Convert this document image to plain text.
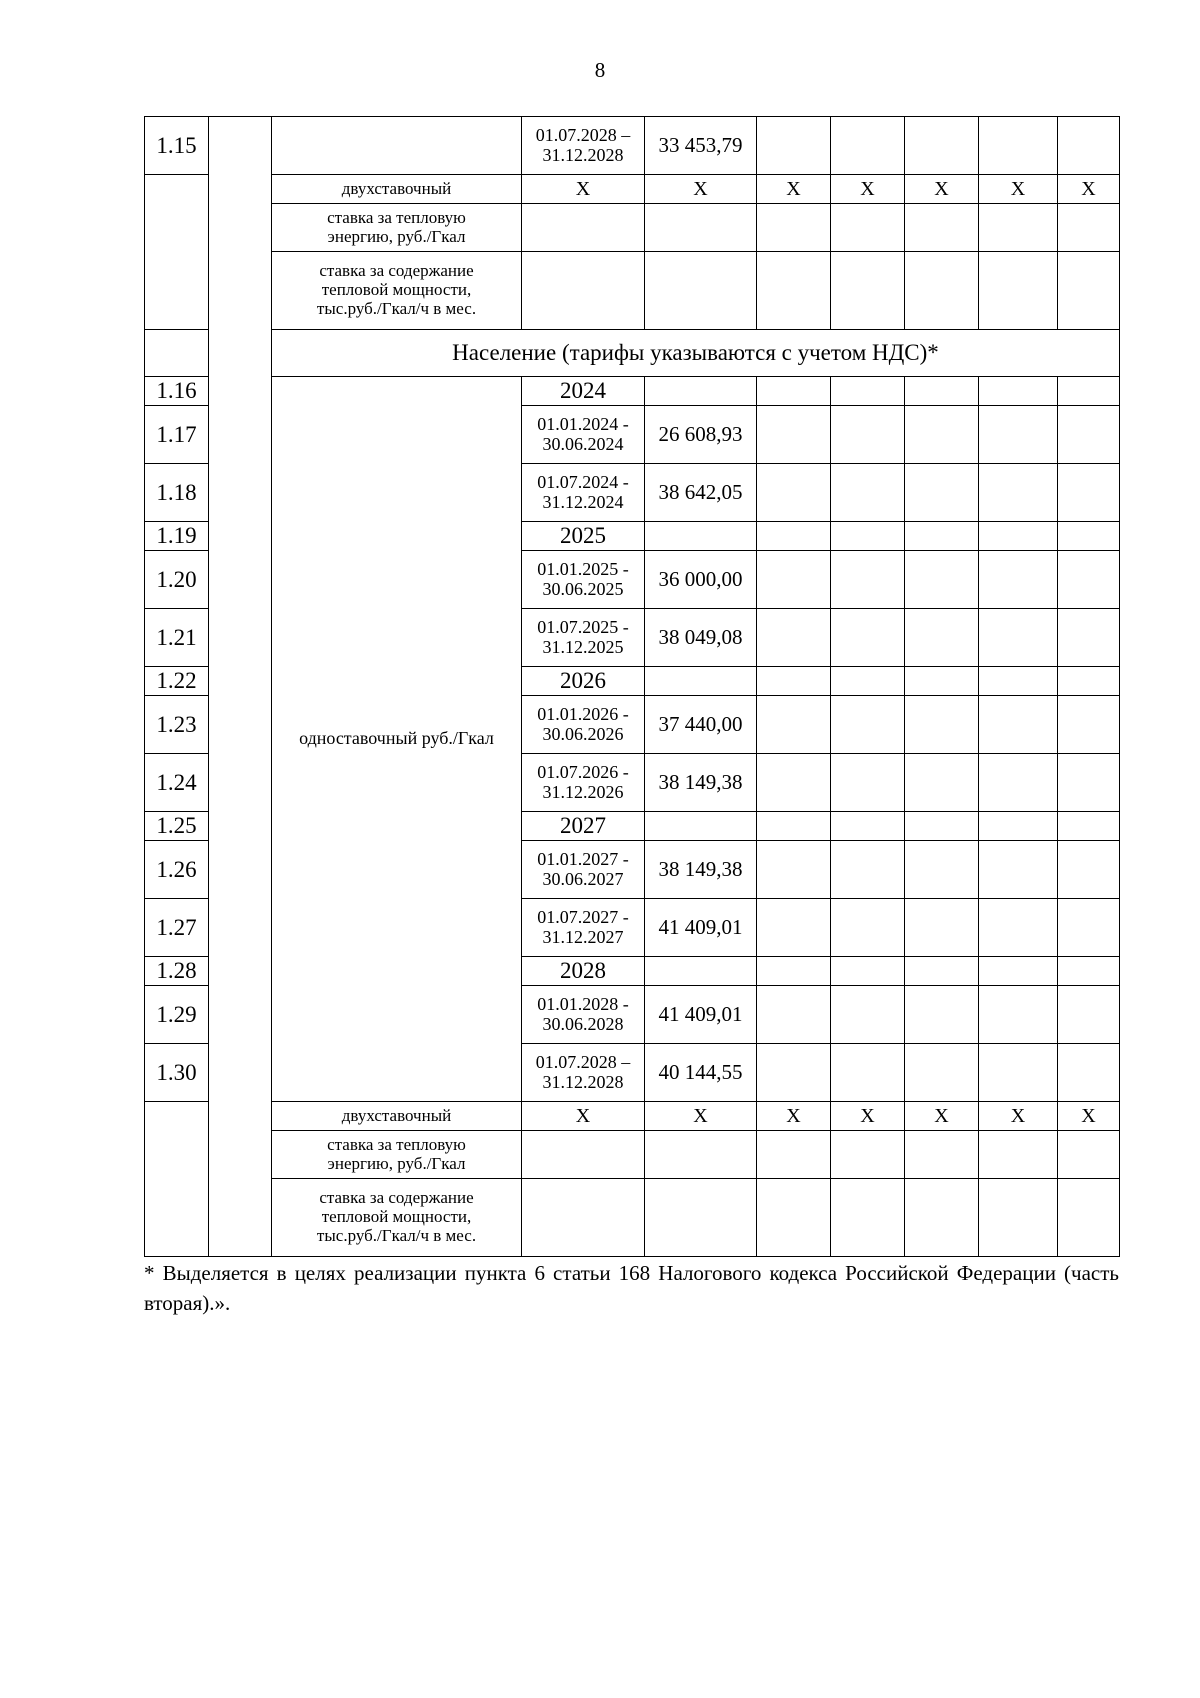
8
1.15			01.07.2028 –
31.12.2028	33 453,79					
		двухставочный	Х	Х	Х	Х	Х	Х	Х
		ставка за тепловую
энергию, руб./Гкал							
		ставка за содержание
тепловой мощности,
тыс.руб./Гкал/ч в мес.							
		Население (тарифы указываются с учетом НДС)*							
1.16		одноставочный руб./Гкал	2024						
1.17			01.01.2024 -
30.06.2024	26 608,93					
1.18			01.07.2024 -
31.12.2024	38 642,05					
1.19			2025						
1.20			01.01.2025 -
30.06.2025	36 000,00					
1.21			01.07.2025 -
31.12.2025	38 049,08					
1.22			2026						
1.23			01.01.2026 -
30.06.2026	37 440,00					
1.24			01.07.2026 -
31.12.2026	38 149,38					
1.25			2027						
1.26			01.01.2027 -
30.06.2027	38 149,38					
1.27			01.07.2027 -
31.12.2027	41 409,01					
1.28			2028						
1.29			01.01.2028 -
30.06.2028	41 409,01					
1.30			01.07.2028 –
31.12.2028	40 144,55					
		двухставочный	Х	Х	Х	Х	Х	Х	Х
		ставка за тепловую
энергию, руб./Гкал							
		ставка за содержание
тепловой мощности,
тыс.руб./Гкал/ч в мес.							
* Выделяется в целях реализации пункта 6 статьи 168 Налогового кодекса Российской Федерации (часть вторая).».
